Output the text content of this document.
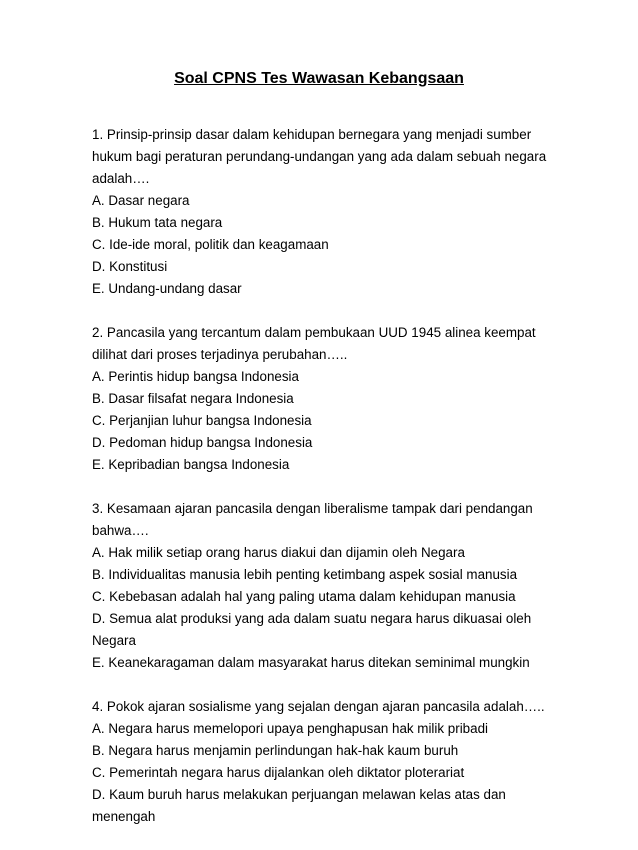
Soal CPNS Tes Wawasan Kebangsaan

1. Prinsip-prinsip dasar dalam kehidupan bernegara yang menjadi sumber hukum bagi peraturan perundang-undangan yang ada dalam sebuah negara adalah….

A. Dasar negara

B. Hukum tata negara

C. Ide-ide moral, politik dan keagamaan

D. Konstitusi

E. Undang-undang dasar

2. Pancasila yang tercantum dalam pembukaan UUD 1945 alinea keempat dilihat dari proses terjadinya perubahan…..

A. Perintis hidup bangsa Indonesia

B. Dasar filsafat negara Indonesia

C. Perjanjian luhur bangsa Indonesia

D. Pedoman hidup bangsa Indonesia

E. Kepribadian bangsa Indonesia

3. Kesamaan ajaran pancasila dengan liberalisme tampak dari pendangan bahwa….

A. Hak milik setiap orang harus diakui dan dijamin oleh Negara

B. Individualitas manusia lebih penting ketimbang aspek sosial manusia

C. Kebebasan adalah hal yang paling utama dalam kehidupan manusia

D. Semua alat produksi yang ada dalam suatu negara harus dikuasai oleh Negara

E. Keanekaragaman dalam masyarakat harus ditekan seminimal mungkin

4. Pokok ajaran sosialisme yang sejalan dengan ajaran pancasila adalah…..

A. Negara harus memelopori upaya penghapusan hak milik pribadi

B. Negara harus menjamin perlindungan hak-hak kaum buruh

C. Pemerintah negara harus dijalankan oleh diktator ploterariat

D. Kaum buruh harus melakukan perjuangan melawan kelas atas dan menengah
